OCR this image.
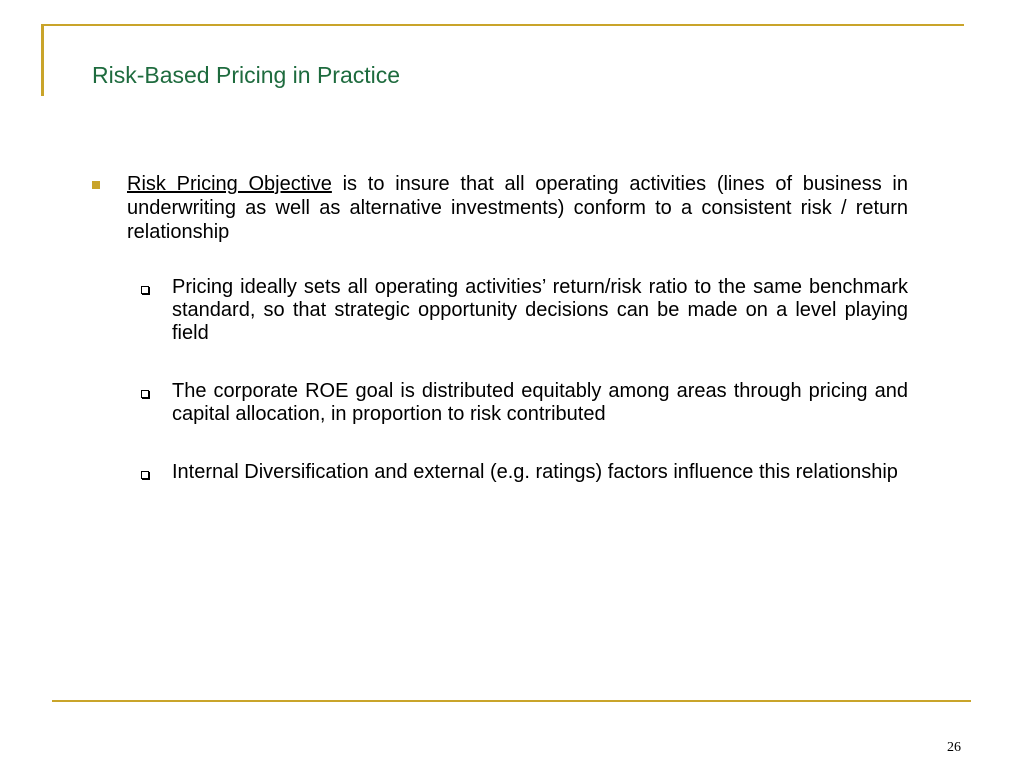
Risk-Based Pricing in Practice
Risk Pricing Objective is to insure that all operating activities (lines of business in underwriting as well as alternative investments) conform to a consistent risk / return relationship
Pricing ideally sets all operating activities’ return/risk ratio to the same benchmark standard, so that strategic opportunity decisions can be made on a level playing field
The corporate ROE goal is distributed equitably among areas through pricing and capital allocation, in proportion to risk contributed
Internal Diversification and external (e.g. ratings) factors influence this relationship
26
